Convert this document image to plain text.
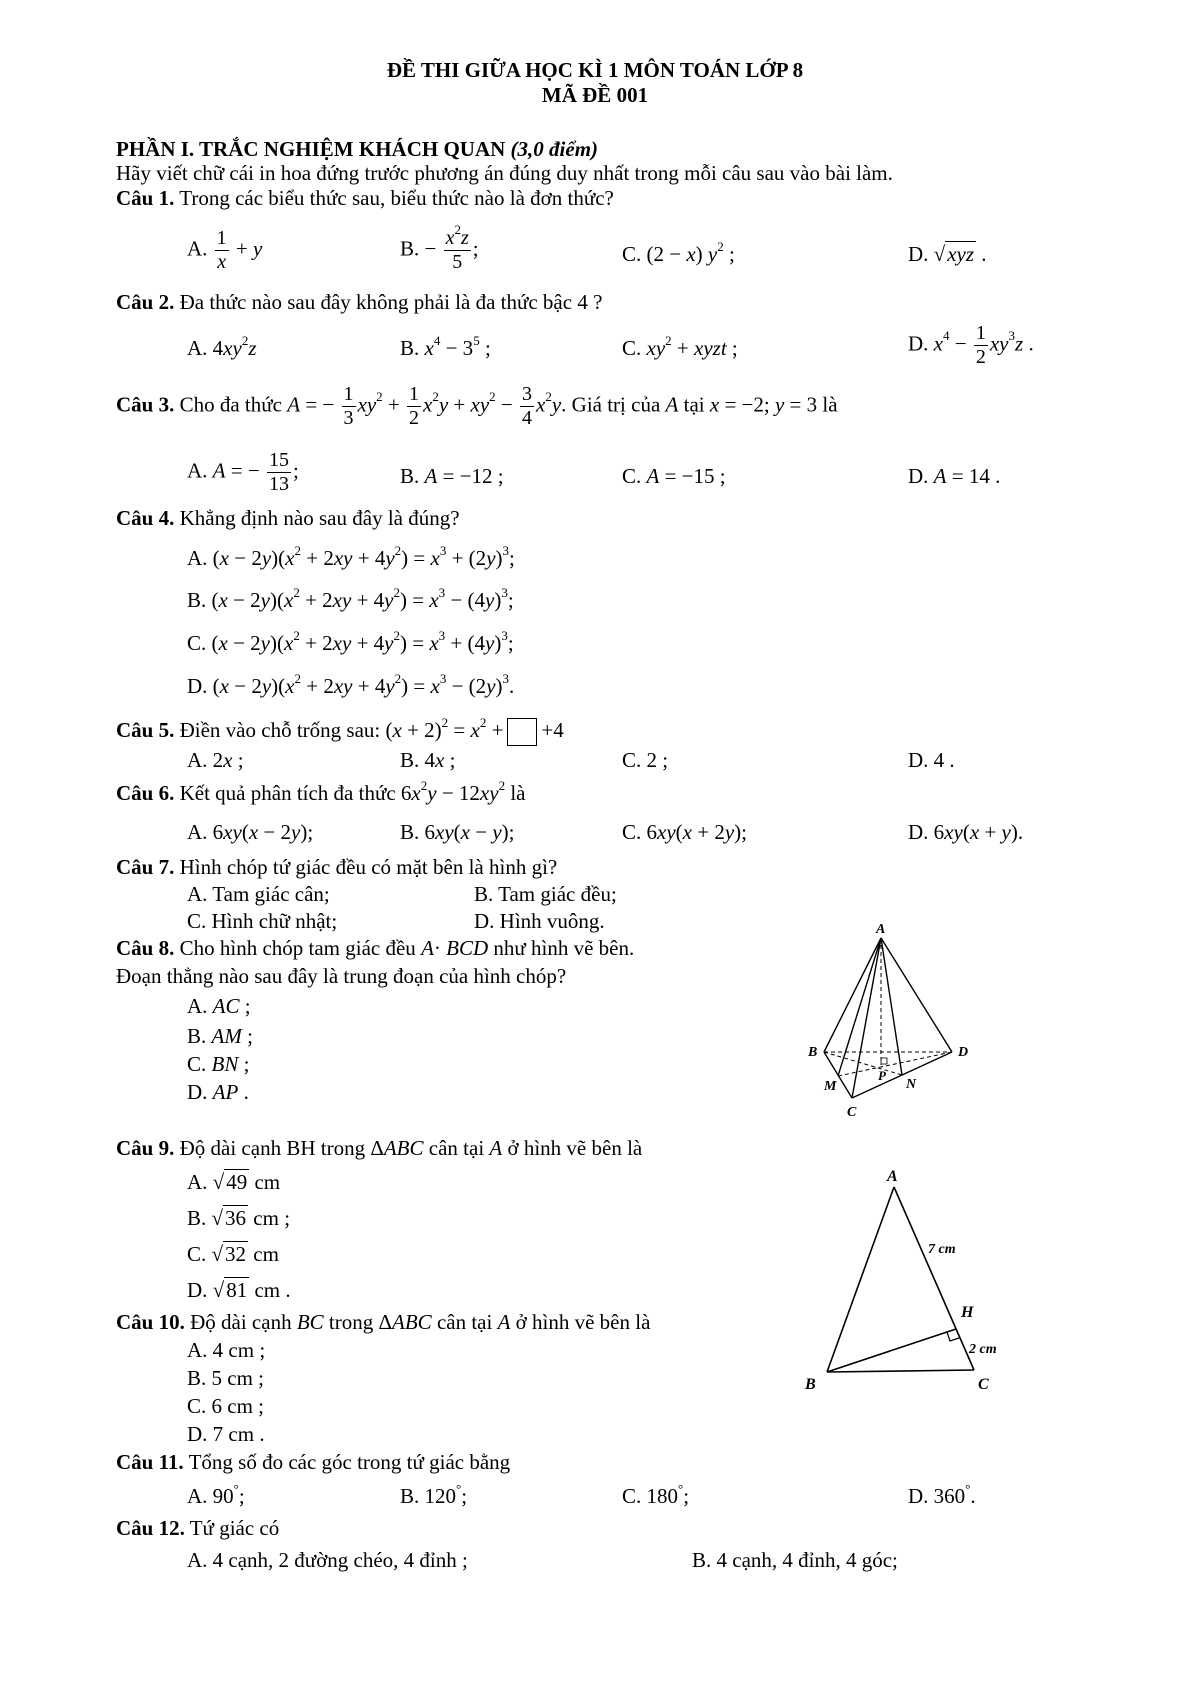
ĐỀ THI GIỮA HỌC KÌ 1 MÔN TOÁN LỚP 8
MÃ ĐỀ 001
PHẦN I. TRẮC NGHIỆM KHÁCH QUAN (3,0 điểm)
Hãy viết chữ cái in hoa đứng trước phương án đúng duy nhất trong mỗi câu sau vào bài làm.
Câu 1. Trong các biểu thức sau, biểu thức nào là đơn thức?
A. $\frac{1}{x} + y$	B. − $\frac{x^2z}{5}$ ;	C. (2 − x) $y^2$ ;	D. √xyz .
Câu 2. Đa thức nào sau đây không phải là đa thức bậc 4 ?
A. $4xy^2z$	B. $x^4 - 3^5$ ;	C. $xy^2$ + xyzt ;	D. $x^4 - \frac{1}{2} xy^3z$ .
Câu 3. Cho đa thức A = − $\frac{1}{3} xy^2 + \frac{1}{2} x^2y + xy^2 - \frac{3}{4} x^2y$. Giá trị của A tại x = −2; y = 3 là
A. A = − $\frac{15}{13}$ ;	B. A = −12 ;	C. A = −15 ;	D. A = 14 .
Câu 4. Khẳng định nào sau đây là đúng?
A. $(x - 2y)(x^2 + 2xy + 4y^2) = x^3 + (2y)^3$;
B. $(x - 2y)(x^2 + 2xy + 4y^2) = x^3 - (4y)^3$;
C. $(x - 2y)(x^2 + 2xy + 4y^2) = x^3 + (4y)^3$;
D. $(x - 2y)(x^2 + 2xy + 4y^2) = x^3 - (2y)^3$.
Câu 5. Điền vào chỗ trống sau: $(x + 2)^2 = x^2 + +4$
A. 2x ;	B. 4x ;	C. 2 ;	D. 4 .
Câu 6. Kết quả phân tích đa thức $6x^2y - 12xy^2$ là
A. 6xy(x − 2y);	B. 6xy(x − y);	C. 6xy(x + 2y);	D. 6xy(x + y).
Câu 7. Hình chóp tứ giác đều có mặt bên là hình gì?
A. Tam giác cân;	B. Tam giác đều;
C. Hình chữ nhật;	D. Hình vuông.
Câu 8. Cho hình chóp tam giác đều A· BCD như hình vẽ bên.
Đoạn thẳng nào sau đây là trung đoạn của hình chóp?
A. AC ;
B. AM ;
C. BN ;
D. AP .
A
B	D
C
M	N
P
Câu 9. Độ dài cạnh BH trong ΔABC cân tại A ở hình vẽ bên là
A. √49 cm
B. √36 cm ;
C. √32 cm
D. √81 cm .
Câu 10. Độ dài cạnh BC trong ΔABC cân tại A ở hình vẽ bên là
A. 4 cm ;
B. 5 cm ;
C. 6 cm ;
D. 7 cm .
A
B	C
H
7 cm
2 cm
Câu 11. Tổng số đo các góc trong tứ giác bằng
A. 90°;	B. 120°;	C. 180°;	D. 360°.
Câu 12. Tứ giác có
A. 4 cạnh, 2 đường chéo, 4 đỉnh ;	B. 4 cạnh, 4 đỉnh, 4 góc;
